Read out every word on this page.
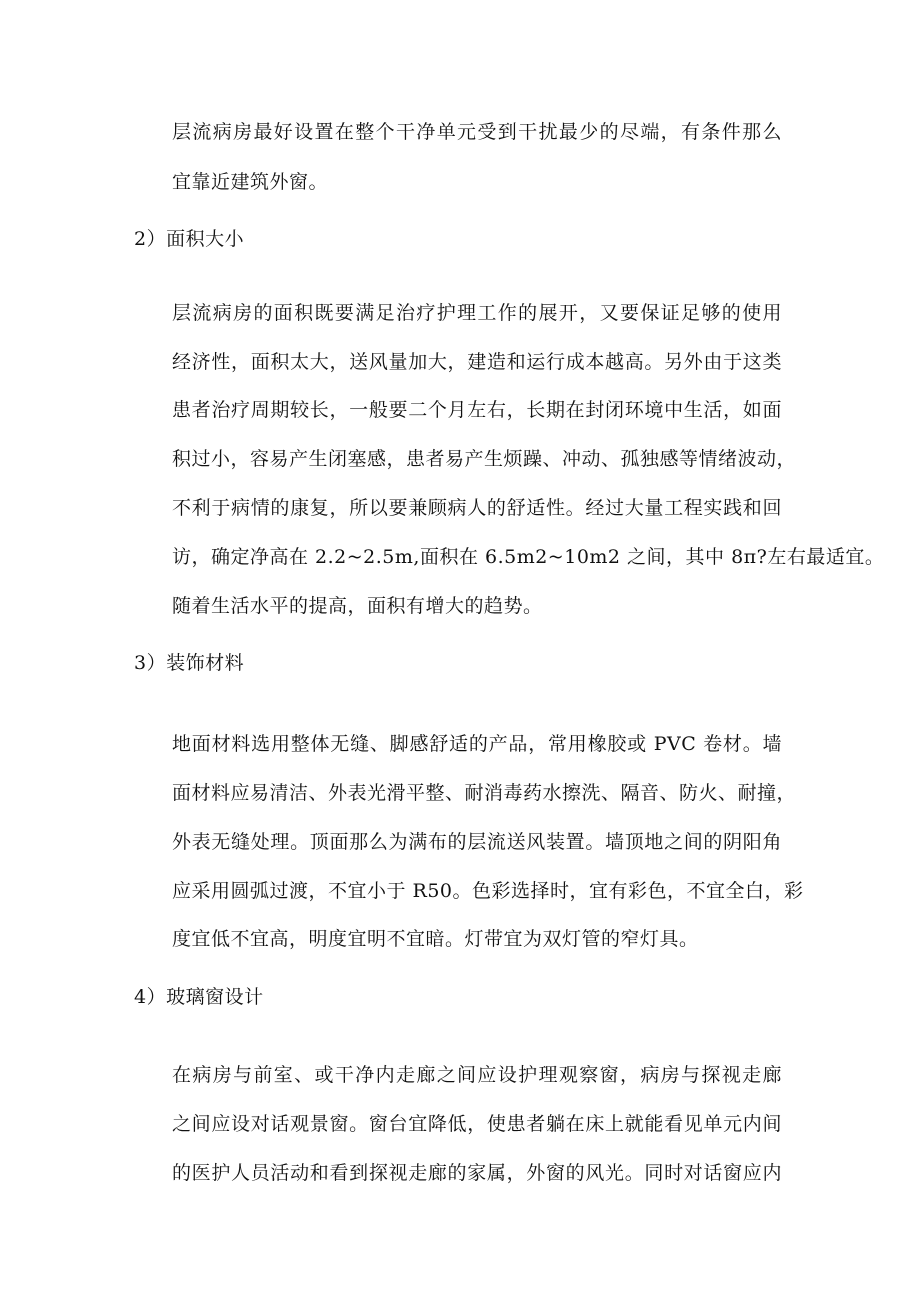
层流病房最好设置在整个干净单元受到干扰最少的尽端，有条件那么
宜靠近建筑外窗。
2）面积大小
层流病房的面积既要满足治疗护理工作的展开，又要保证足够的使用
经济性，面积太大，送风量加大，建造和运行成本越高。另外由于这类
患者治疗周期较长，一般要二个月左右，长期在封闭环境中生活，如面
积过小，容易产生闭塞感，患者易产生烦躁、冲动、孤独感等情绪波动，
不利于病情的康复，所以要兼顾病人的舒适性。经过大量工程实践和回
访，确定净高在 2.2~2.5m,面积在 6.5m2~10m2 之间，其中 8π?左右最适宜。
随着生活水平的提高，面积有增大的趋势。
3）装饰材料
地面材料选用整体无缝、脚感舒适的产品，常用橡胶或 PVC 卷材。墙
面材料应易清洁、外表光滑平整、耐消毒药水擦洗、隔音、防火、耐撞，
外表无缝处理。顶面那么为满布的层流送风装置。墙顶地之间的阴阳角
应采用圆弧过渡，不宜小于 R50。色彩选择时，宜有彩色，不宜全白，彩
度宜低不宜高，明度宜明不宜暗。灯带宜为双灯管的窄灯具。
4）玻璃窗设计
在病房与前室、或干净内走廊之间应设护理观察窗，病房与探视走廊
之间应设对话观景窗。窗台宜降低，使患者躺在床上就能看见单元内间
的医护人员活动和看到探视走廊的家属，外窗的风光。同时对话窗应内
